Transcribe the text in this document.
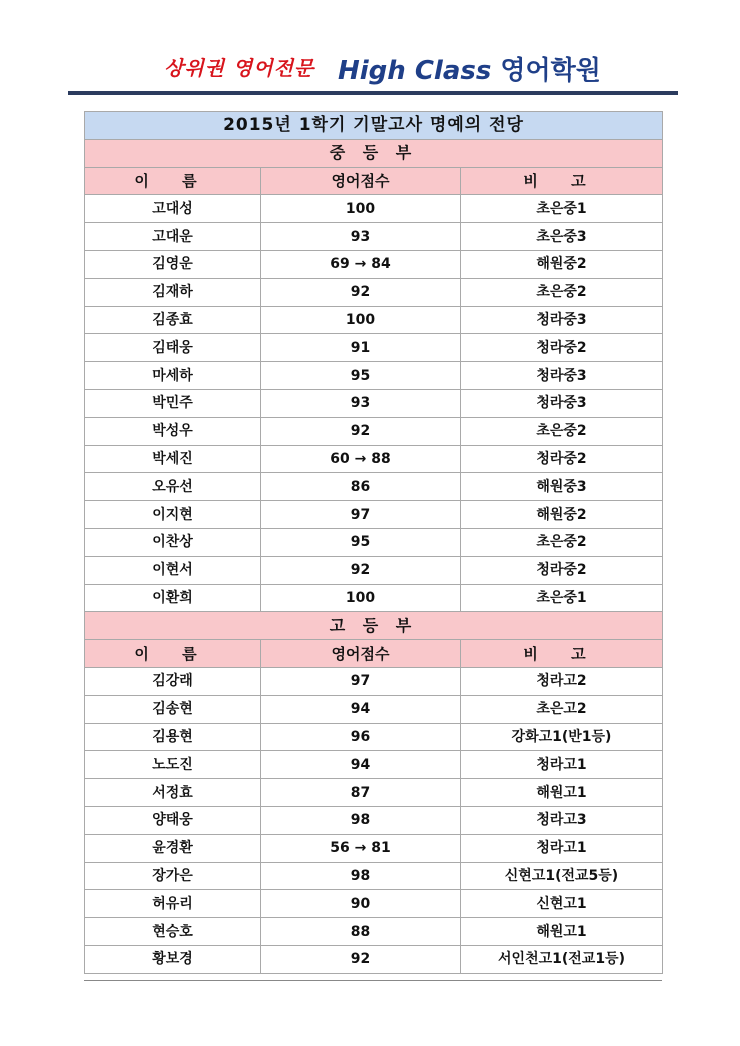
상위권 영어전문 High Class 영어학원
2015년 1학기 기말고사 명예의 전당		
중 등 부		
이 름	영어점수	비 고
고대성	100	초은중1
고대운	93	초은중3
김영운	69 → 84	해원중2
김재하	92	초은중2
김종효	100	청라중3
김태웅	91	청라중2
마세하	95	청라중3
박민주	93	청라중3
박성우	92	초은중2
박세진	60 → 88	청라중2
오유선	86	해원중3
이지현	97	해원중2
이찬상	95	초은중2
이현서	92	청라중2
이환희	100	초은중1
고 등 부		
이 름	영어점수	비 고
김강래	97	청라고2
김송현	94	초은고2
김용현	96	강화고1(반1등)
노도진	94	청라고1
서정효	87	해원고1
양태웅	98	청라고3
윤경환	56 → 81	청라고1
장가은	98	신현고1(전교5등)
허유리	90	신현고1
현승호	88	해원고1
황보경	92	서인천고1(전교1등)
